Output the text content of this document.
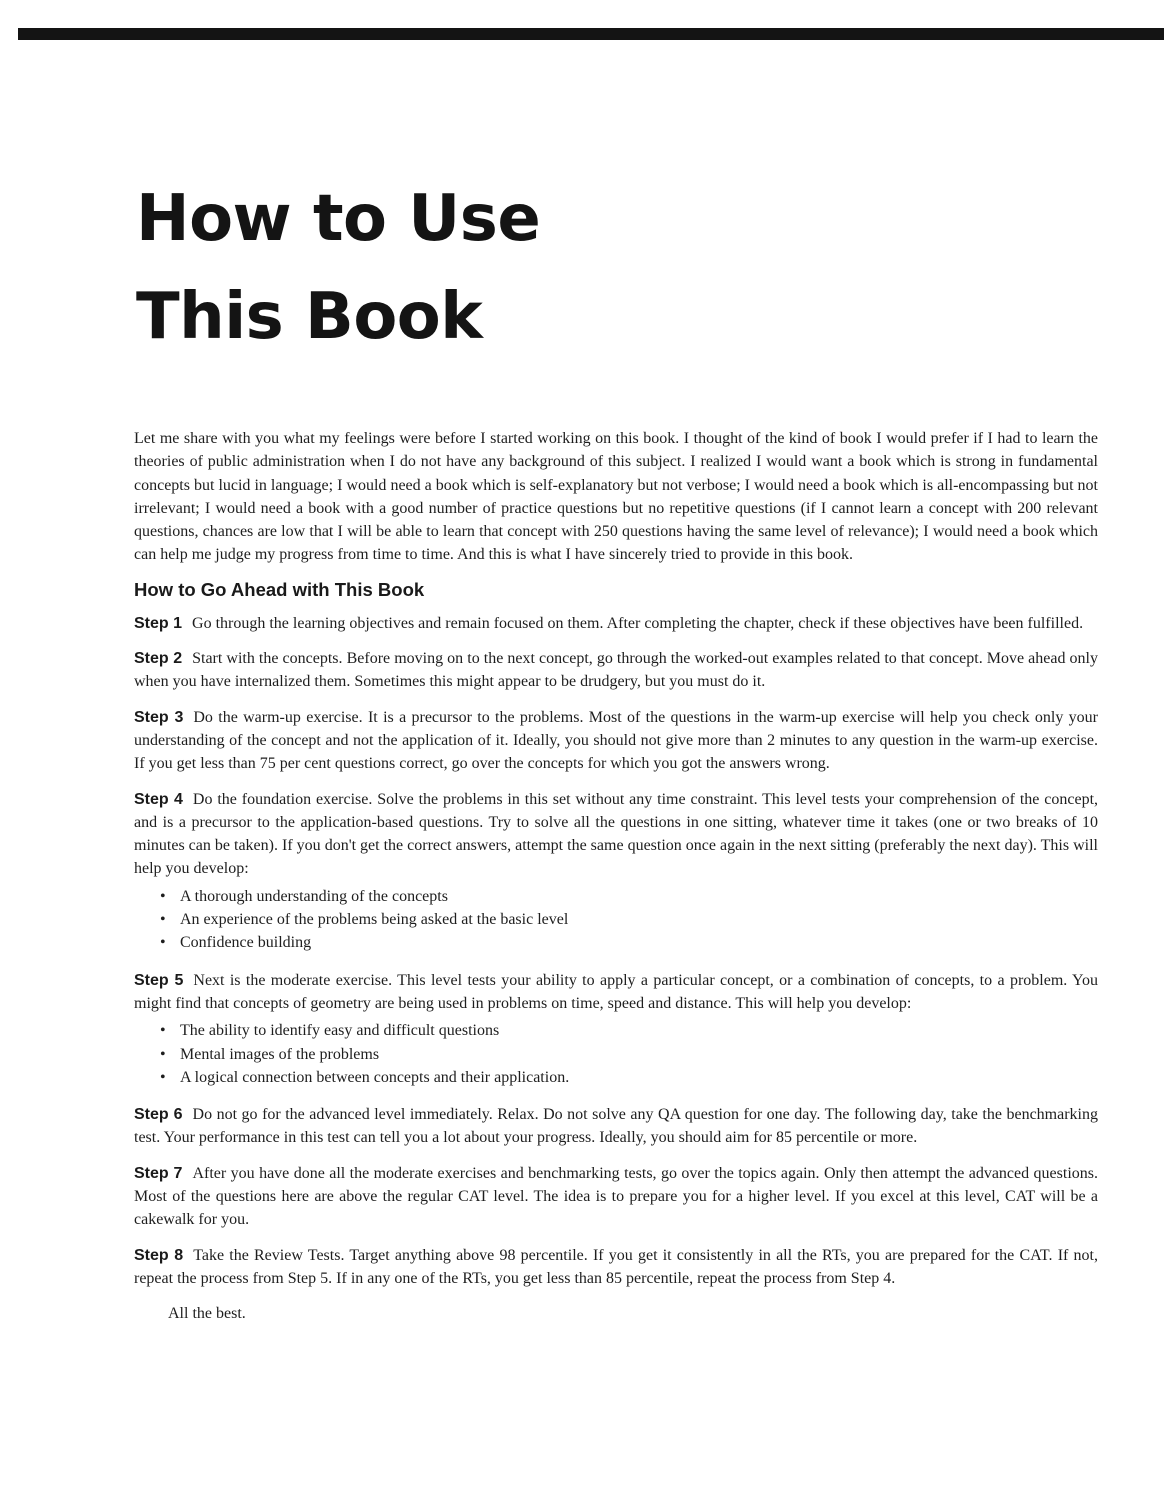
How to Use
This Book

Let me share with you what my feelings were before I started working on this book. I thought of the kind of book I would prefer if I had to learn the theories of public administration when I do not have any background of this subject. I realized I would want a book which is strong in fundamental concepts but lucid in language; I would need a book which is self-explanatory but not verbose; I would need a book which is all-encompassing but not irrelevant; I would need a book with a good number of practice questions but no repetitive questions (if I cannot learn a concept with 200 relevant questions, chances are low that I will be able to learn that concept with 250 questions having the same level of relevance); I would need a book which can help me judge my progress from time to time. And this is what I have sincerely tried to provide in this book.

How to Go Ahead with This Book

Step 1 Go through the learning objectives and remain focused on them. After completing the chapter, check if these objectives have been fulfilled.

Step 2 Start with the concepts. Before moving on to the next concept, go through the worked-out examples related to that concept. Move ahead only when you have internalized them. Sometimes this might appear to be drudgery, but you must do it.

Step 3 Do the warm-up exercise. It is a precursor to the problems. Most of the questions in the warm-up exercise will help you check only your understanding of the concept and not the application of it. Ideally, you should not give more than 2 minutes to any question in the warm-up exercise. If you get less than 75 per cent questions correct, go over the concepts for which you got the answers wrong.

Step 4 Do the foundation exercise. Solve the problems in this set without any time constraint. This level tests your comprehension of the concept, and is a precursor to the application-based questions. Try to solve all the questions in one sitting, whatever time it takes (one or two breaks of 10 minutes can be taken). If you don't get the correct answers, attempt the same question once again in the next sitting (preferably the next day). This will help you develop:

• A thorough understanding of the concepts
• An experience of the problems being asked at the basic level
• Confidence building

Step 5 Next is the moderate exercise. This level tests your ability to apply a particular concept, or a combination of concepts, to a problem. You might find that concepts of geometry are being used in problems on time, speed and distance. This will help you develop:

• The ability to identify easy and difficult questions
• Mental images of the problems
• A logical connection between concepts and their application.

Step 6 Do not go for the advanced level immediately. Relax. Do not solve any QA question for one day. The following day, take the benchmarking test. Your performance in this test can tell you a lot about your progress. Ideally, you should aim for 85 percentile or more.

Step 7 After you have done all the moderate exercises and benchmarking tests, go over the topics again. Only then attempt the advanced questions. Most of the questions here are above the regular CAT level. The idea is to prepare you for a higher level. If you excel at this level, CAT will be a cakewalk for you.

Step 8 Take the Review Tests. Target anything above 98 percentile. If you get it consistently in all the RTs, you are prepared for the CAT. If not, repeat the process from Step 5. If in any one of the RTs, you get less than 85 percentile, repeat the process from Step 4.

All the best.
